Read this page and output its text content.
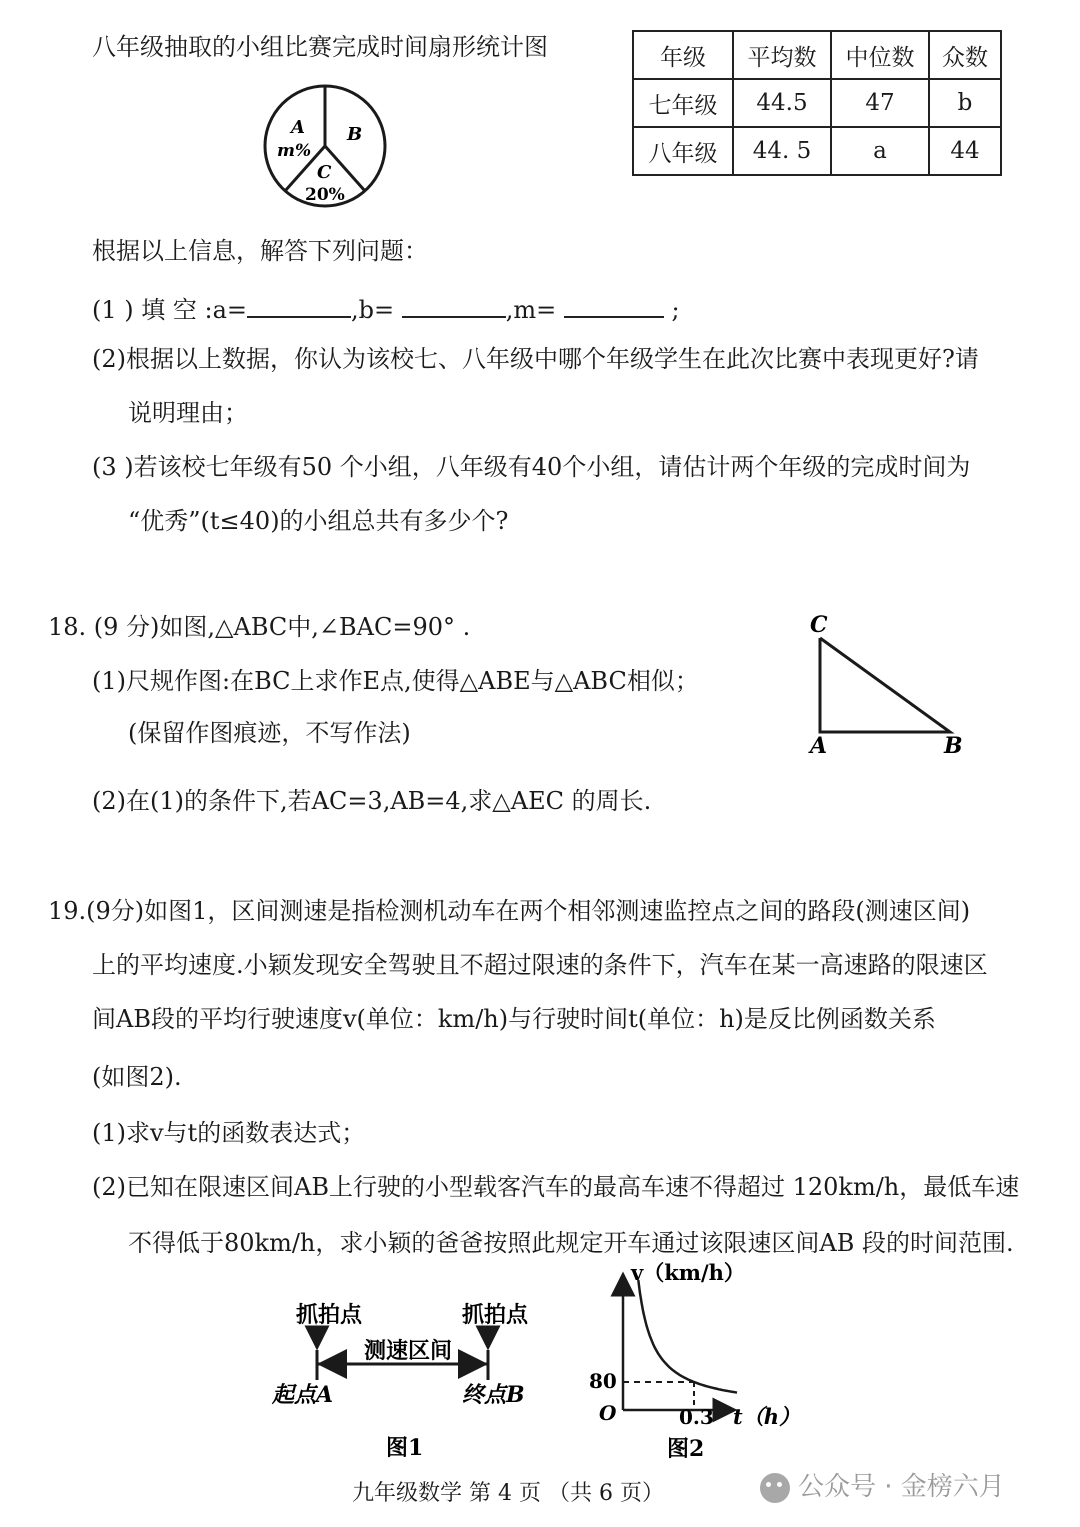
八年级抽取的小组比赛完成时间扇形统计图
A
m%
B
C
20%
年级	平均数	中位数	众数
七年级	44.5	47	b
八年级	44. 5	a	44
根据以上信息，解答下列问题：
(1 ) 填 空 :a=	,b=	,m=	;
(2)根据以上数据，你认为该校七、八年级中哪个年级学生在此次比赛中表现更好?请
说明理由；
(3 )若该校七年级有50 个小组，八年级有40个小组，请估计两个年级的完成时间为
“优秀”(t≤40)的小组总共有多少个?
18. (9 分)如图,△ABC中,∠BAC=90° .
(1)尺规作图:在BC上求作E点,使得△ABE与△ABC相似；
(保留作图痕迹，不写作法)
(2)在(1)的条件下,若AC=3,AB=4,求△AEC 的周长.
C
A	B
19.(9分)如图1，区间测速是指检测机动车在两个相邻测速监控点之间的路段(测速区间)
上的平均速度.小颖发现安全驾驶且不超过限速的条件下，汽车在某一高速路的限速区
间AB段的平均行驶速度v(单位：km/h)与行驶时间t(单位：h)是反比例函数关系
(如图2).
(1)求v与t的函数表达式；
(2)已知在限速区间AB上行驶的小型载客汽车的最高车速不得超过 120km/h，最低车速
不得低于80km/h，求小颖的爸爸按照此规定开车通过该限速区间AB 段的时间范围.
抓拍点	抓拍点
测速区间
起点A	终点B
图1
v（km/h）
t（h）
O
80
0.3
图2
九年级数学 第 4 页 （共 6 页）	公众号 · 金榜六月
